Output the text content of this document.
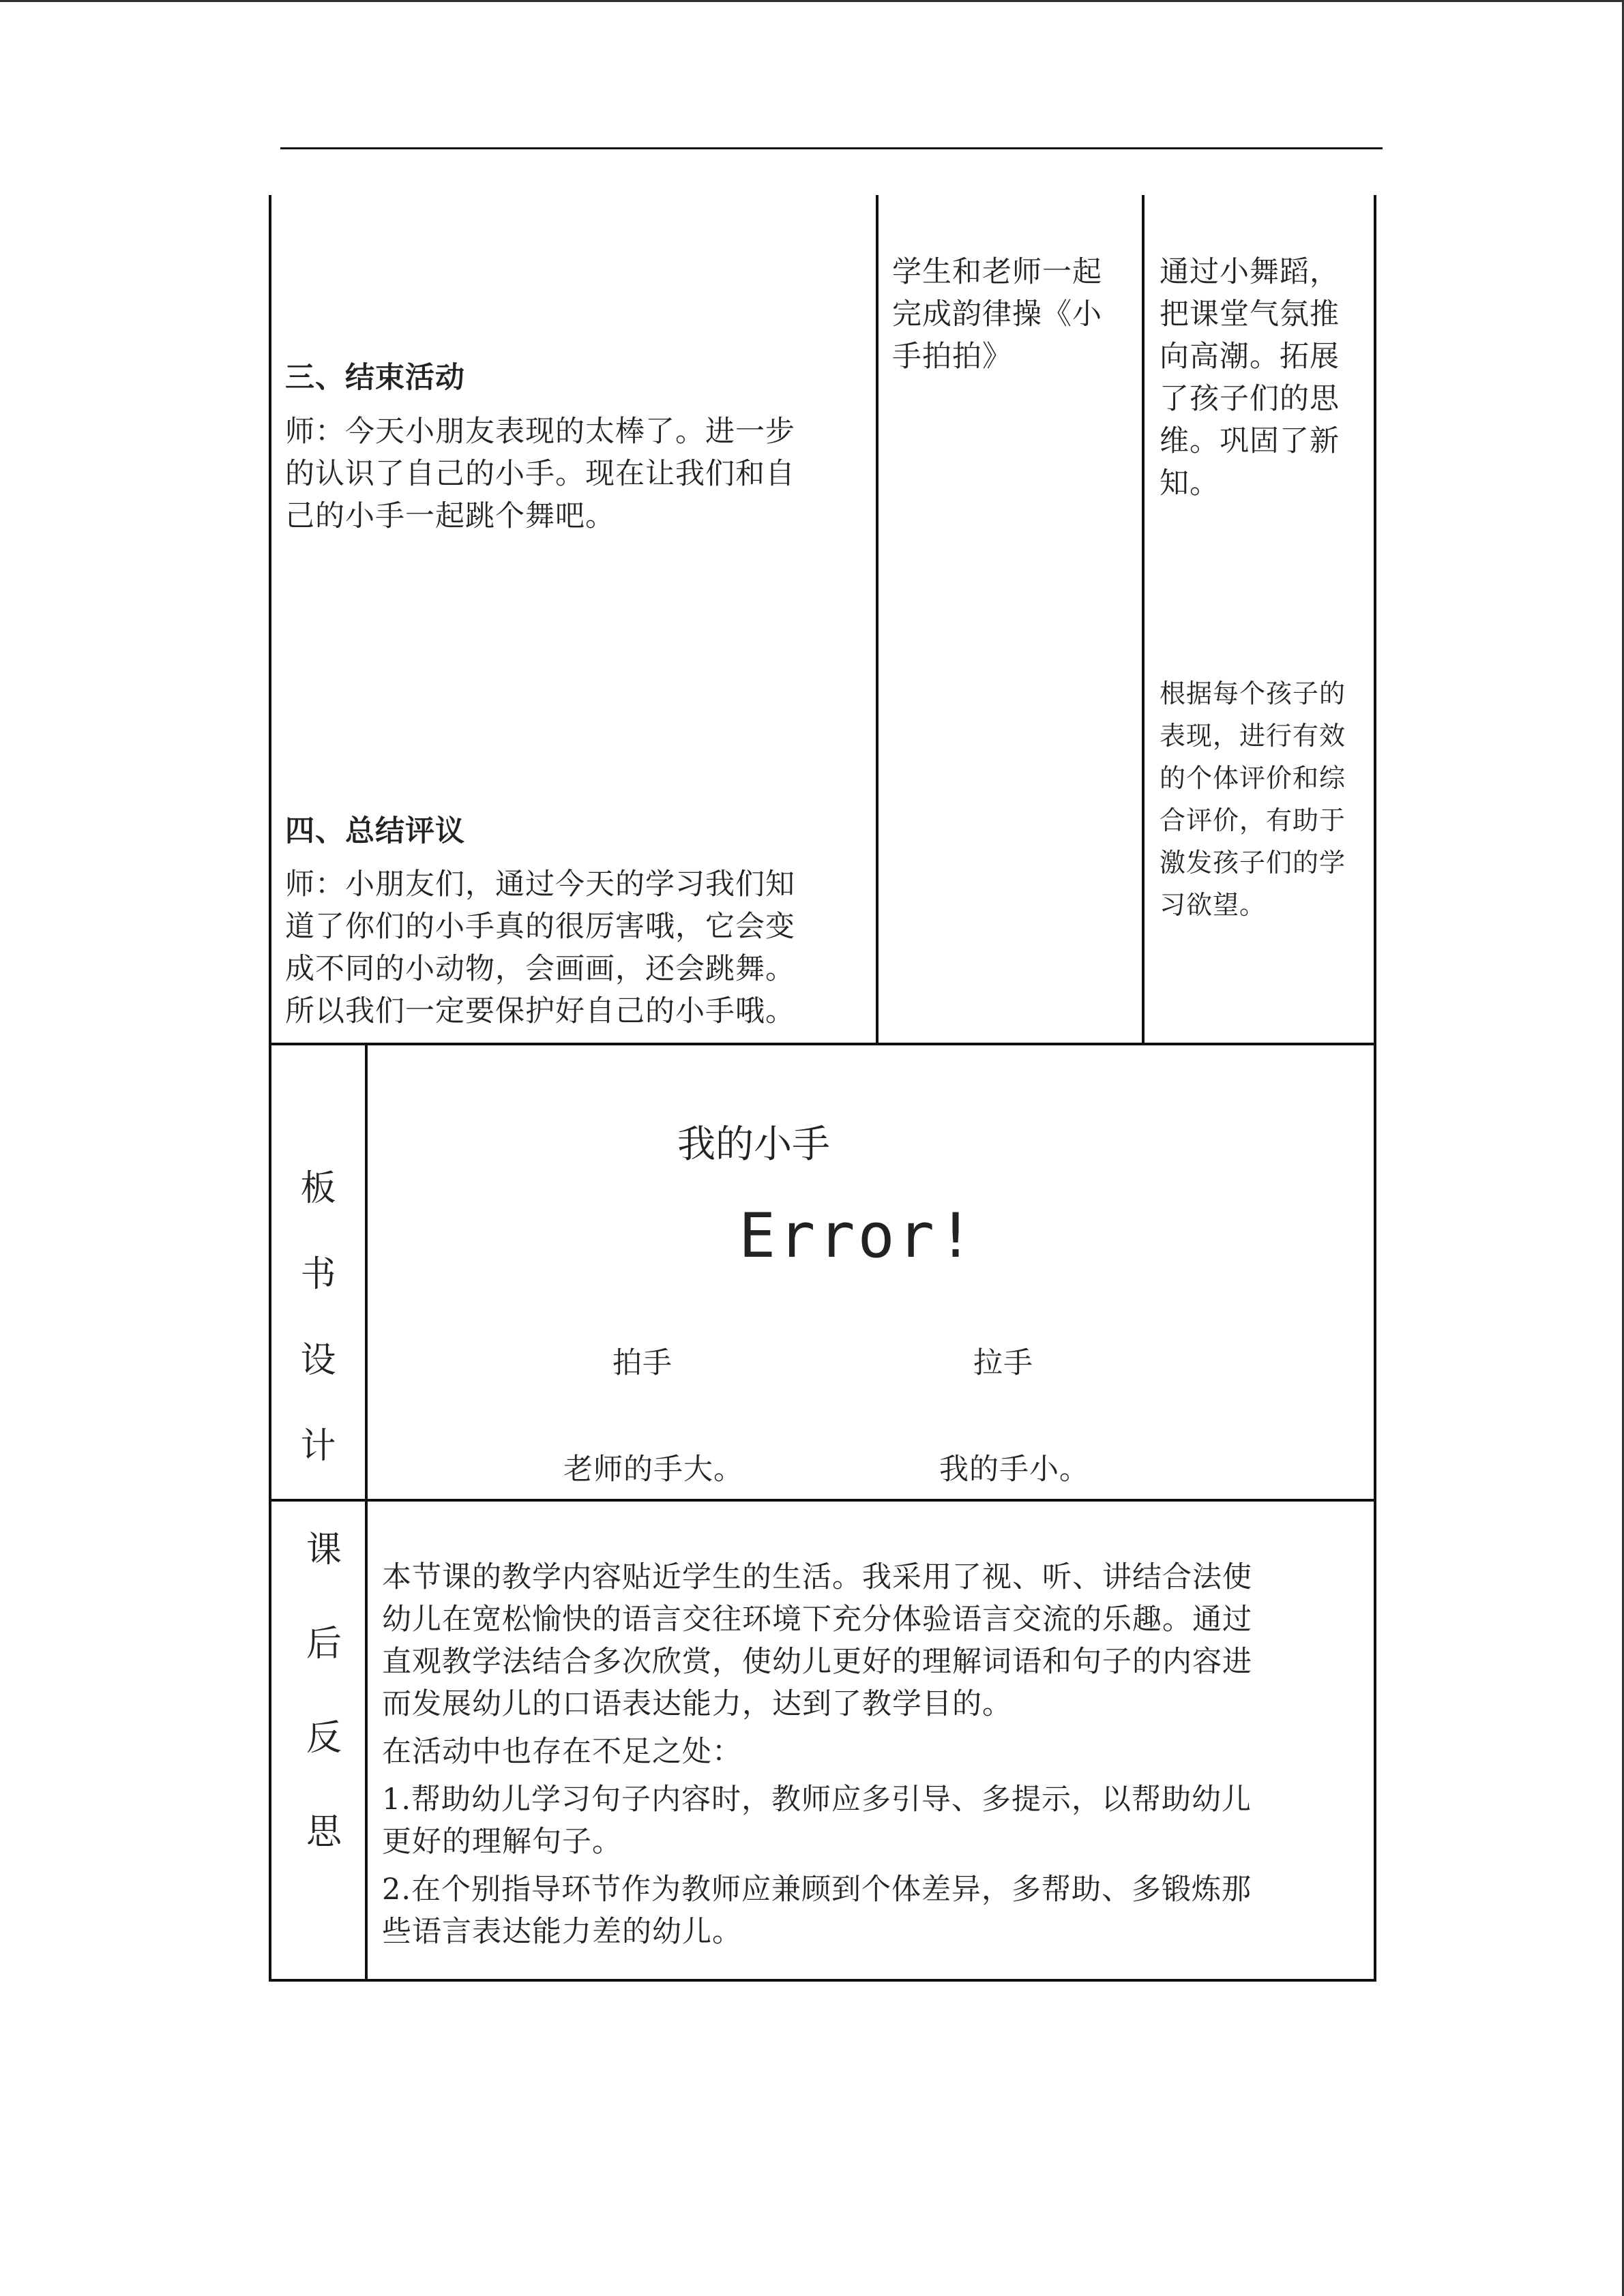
三、结束活动
师：今天小朋友表现的太棒了。进一步
的认识了自己的小手。现在让我们和自
己的小手一起跳个舞吧。
学生和老师一起
完成韵律操《小
手拍拍》
通过小舞蹈，
把课堂气氛推
向高潮。拓展
了孩子们的思
维。巩固了新
知。
四、总结评议
师：小朋友们，通过今天的学习我们知
道了你们的小手真的很厉害哦，它会变
成不同的小动物，会画画，还会跳舞。
所以我们一定要保护好自己的小手哦。
根据每个孩子的
表现，进行有效
的个体评价和综
合评价，有助于
激发孩子们的学
习欲望。
板
书
设
计
我的小手
Error!
拍手	拉手
老师的手大。	我的手小。
课
后
反
思
本节课的教学内容贴近学生的生活。我采用了视、听、讲结合法使
幼儿在宽松愉快的语言交往环境下充分体验语言交流的乐趣。通过
直观教学法结合多次欣赏，使幼儿更好的理解词语和句子的内容进
而发展幼儿的口语表达能力，达到了教学目的。
在活动中也存在不足之处：
1.帮助幼儿学习句子内容时，教师应多引导、多提示，以帮助幼儿
更好的理解句子。
2.在个别指导环节作为教师应兼顾到个体差异，多帮助、多锻炼那
些语言表达能力差的幼儿。
